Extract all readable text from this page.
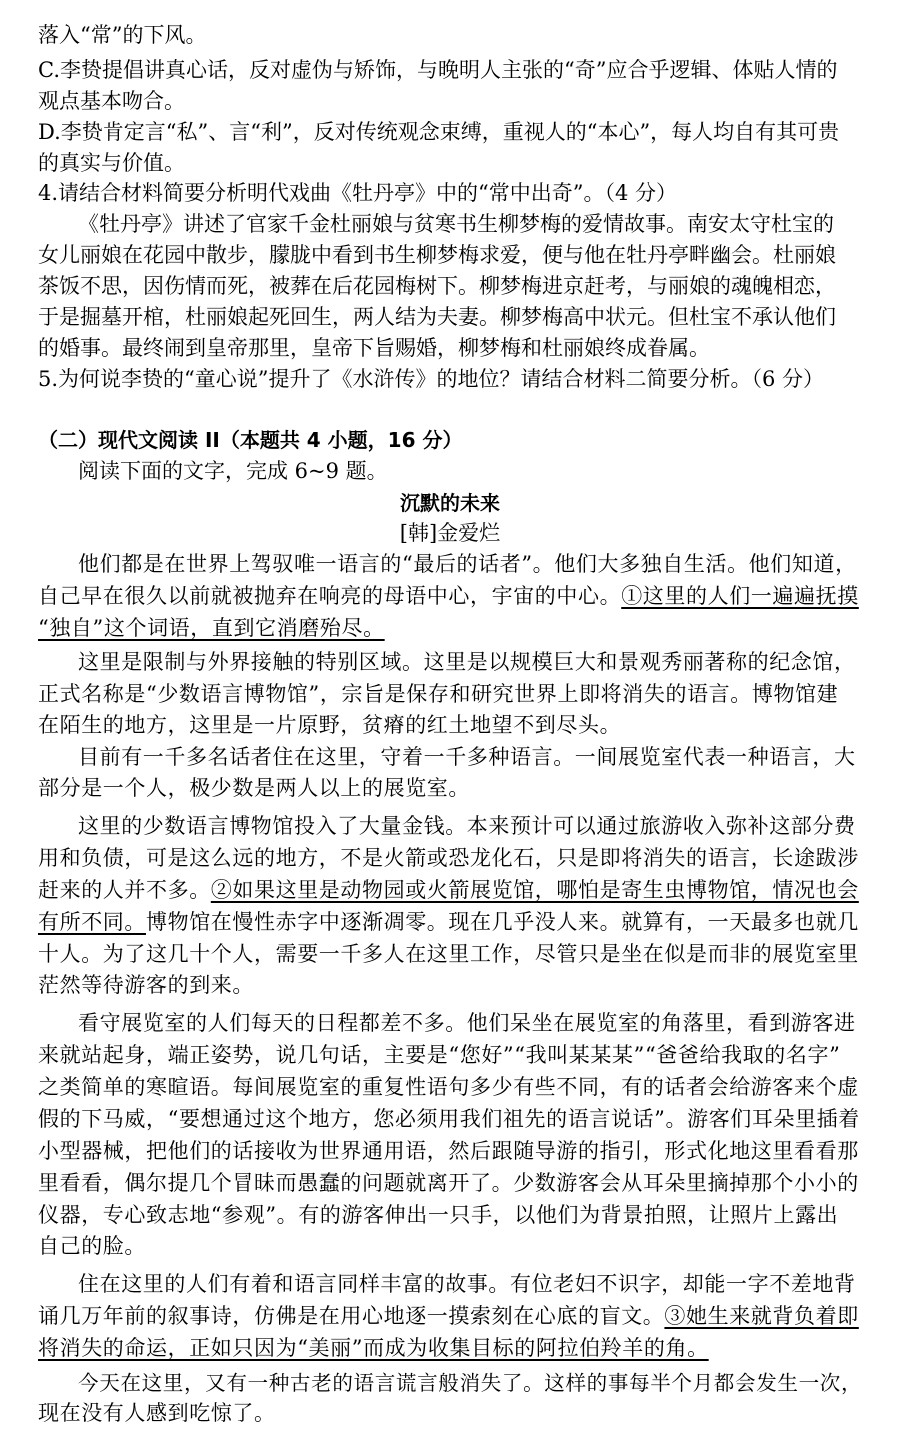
落入“常”的下风。
C.李贽提倡讲真心话，反对虚伪与矫饰，与晚明人主张的“奇”应合乎逻辑、体贴人情的
观点基本吻合。
D.李贽肯定言“私”、言“利”，反对传统观念束缚，重视人的“本心”，每人均自有其可贵
的真实与价值。
4.请结合材料简要分析明代戏曲《牡丹亭》中的“常中出奇”。（4 分）
《牡丹亭》讲述了官家千金杜丽娘与贫寒书生柳梦梅的爱情故事。南安太守杜宝的
女儿丽娘在花园中散步，朦胧中看到书生柳梦梅求爱，便与他在牡丹亭畔幽会。杜丽娘
茶饭不思，因伤情而死，被葬在后花园梅树下。柳梦梅进京赶考，与丽娘的魂魄相恋，
于是掘墓开棺，杜丽娘起死回生，两人结为夫妻。柳梦梅高中状元。但杜宝不承认他们
的婚事。最终闹到皇帝那里，皇帝下旨赐婚，柳梦梅和杜丽娘终成眷属。
5.为何说李贽的“童心说”提升了《水浒传》的地位？请结合材料二简要分析。（6 分）
（二）现代文阅读 II（本题共 4 小题，16 分）
阅读下面的文字，完成 6~9 题。
沉默的未来
[韩]金爱烂
他们都是在世界上驾驭唯一语言的“最后的话者”。他们大多独自生活。他们知道，
自己早在很久以前就被抛弃在响亮的母语中心，宇宙的中心。①这里的人们一遍遍抚摸
“独自”这个词语，直到它消磨殆尽。
这里是限制与外界接触的特别区域。这里是以规模巨大和景观秀丽著称的纪念馆，
正式名称是“少数语言博物馆”，宗旨是保存和研究世界上即将消失的语言。博物馆建
在陌生的地方，这里是一片原野，贫瘠的红土地望不到尽头。
目前有一千多名话者住在这里，守着一千多种语言。一间展览室代表一种语言，大
部分是一个人，极少数是两人以上的展览室。
这里的少数语言博物馆投入了大量金钱。本来预计可以通过旅游收入弥补这部分费
用和负债，可是这么远的地方，不是火箭或恐龙化石，只是即将消失的语言，长途跋涉
赶来的人并不多。②如果这里是动物园或火箭展览馆，哪怕是寄生虫博物馆，情况也会
有所不同。博物馆在慢性赤字中逐渐凋零。现在几乎没人来。就算有，一天最多也就几
十人。为了这几十个人，需要一千多人在这里工作，尽管只是坐在似是而非的展览室里
茫然等待游客的到来。
看守展览室的人们每天的日程都差不多。他们呆坐在展览室的角落里，看到游客进
来就站起身，端正姿势，说几句话，主要是“您好”“我叫某某某”“爸爸给我取的名字”
之类简单的寒暄语。每间展览室的重复性语句多少有些不同，有的话者会给游客来个虚
假的下马威，“要想通过这个地方，您必须用我们祖先的语言说话”。游客们耳朵里插着
小型器械，把他们的话接收为世界通用语，然后跟随导游的指引，形式化地这里看看那
里看看，偶尔提几个冒昧而愚蠢的问题就离开了。少数游客会从耳朵里摘掉那个小小的
仪器，专心致志地“参观”。有的游客伸出一只手，以他们为背景拍照，让照片上露出
自己的脸。
住在这里的人们有着和语言同样丰富的故事。有位老妇不识字，却能一字不差地背
诵几万年前的叙事诗，仿佛是在用心地逐一摸索刻在心底的盲文。③她生来就背负着即
将消失的命运，正如只因为“美丽”而成为收集目标的阿拉伯羚羊的角。
今天在这里，又有一种古老的语言谎言般消失了。这样的事每半个月都会发生一次，
现在没有人感到吃惊了。
